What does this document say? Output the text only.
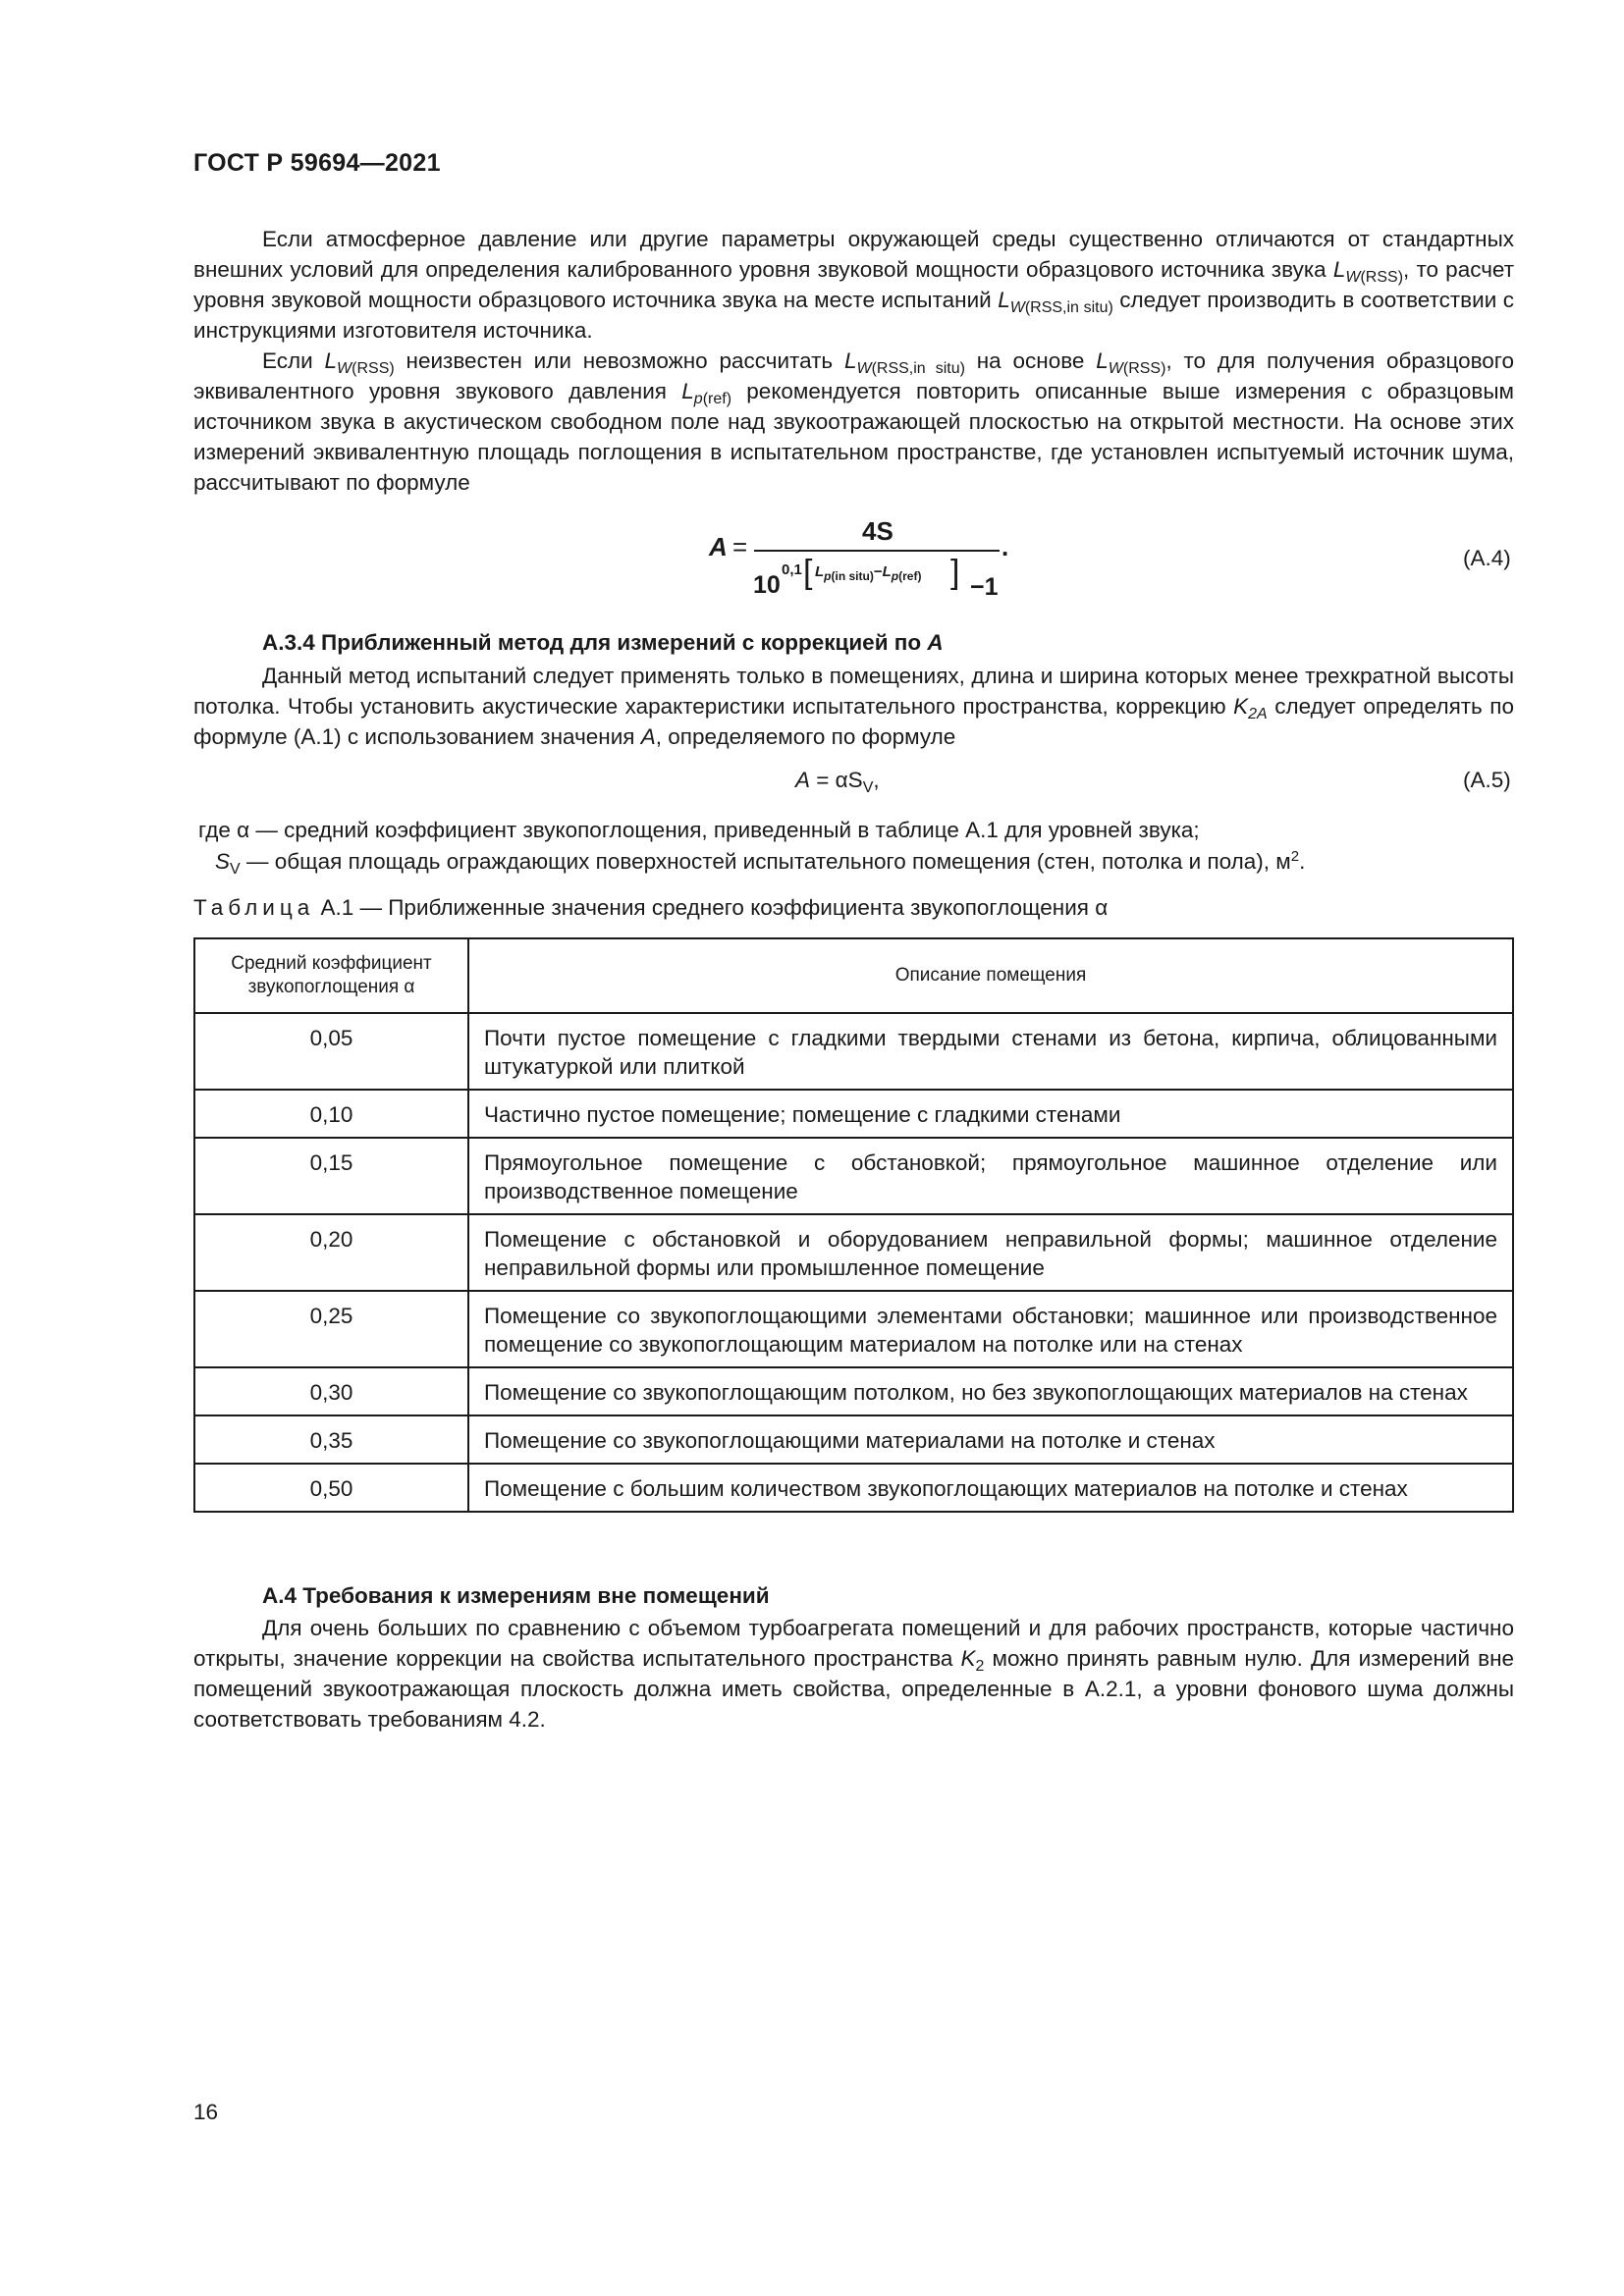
ГОСТ Р 59694—2021

Если атмосферное давление или другие параметры окружающей среды существенно отличаются от стандартных внешних условий для определения калиброванного уровня звуковой мощности образцового источника звука $L_{W(RSS)}$, то расчет уровня звуковой мощности образцового источника звука на месте испытаний $L_{W(RSS,in situ)}$ следует производить в соответствии с инструкциями изготовителя источника.

Если $L_{W(RSS)}$ неизвестен или невозможно рассчитать $L_{W(RSS,in situ)}$ на основе $L_{W(RSS)}$, то для получения образцового эквивалентного уровня звукового давления $L_{p(ref)}$ рекомендуется повторить описанные выше измерения с образцовым источником звука в акустическом свободном поле над звукоотражающей плоскостью на открытой местности. На основе этих измерений эквивалентную площадь поглощения в испытательном пространстве, где установлен испытуемый источник шума, рассчитывают по формуле

A =
4S
10
0,1 [ $L_{p(in situ)}-L_{p(ref)}$ ] −1
.	(А.4)
А.3.4 Приближенный метод для измерений с коррекцией по A

Данный метод испытаний следует применять только в помещениях, длина и ширина которых менее трехкратной высоты потолка. Чтобы установить акустические характеристики испытательного пространства, коррекцию $K_{2A}$ следует определять по формуле (А.1) с использованием значения A, определяемого по формуле

$A = \alpha S_V$,	(А.5)
где α — средний коэффициент звукопоглощения, приведенный в таблице А.1 для уровней звука;
$S_V$ — общая площадь ограждающих поверхностей испытательного помещения (стен, потолка и пола), $м^2$.
Таблица А.1 — Приближенные значения среднего коэффициента звукопоглощения α
Средний коэффициент звукопоглощения α	Описание помещения
0,05	Почти пустое помещение с гладкими твердыми стенами из бетона, кирпича, облицованными штукатуркой или плиткой
0,10	Частично пустое помещение; помещение с гладкими стенами
0,15	Прямоугольное помещение с обстановкой; прямоугольное машинное отделение или производственное помещение
0,20	Помещение с обстановкой и оборудованием неправильной формы; машинное отделение неправильной формы или промышленное помещение
0,25	Помещение со звукопоглощающими элементами обстановки; машинное или производственное помещение со звукопоглощающим материалом на потолке или на стенах
0,30	Помещение со звукопоглощающим потолком, но без звукопоглощающих материалов на стенах
0,35	Помещение со звукопоглощающими материалами на потолке и стенах
0,50	Помещение с большим количеством звукопоглощающих материалов на потолке и стенах
А.4 Требования к измерениям вне помещений

Для очень больших по сравнению с объемом турбоагрегата помещений и для рабочих пространств, которые частично открыты, значение коррекции на свойства испытательного пространства $K_2$ можно принять равным нулю. Для измерений вне помещений звукоотражающая плоскость должна иметь свойства, определенные в А.2.1, а уровни фонового шума должны соответствовать требованиям 4.2.

16
